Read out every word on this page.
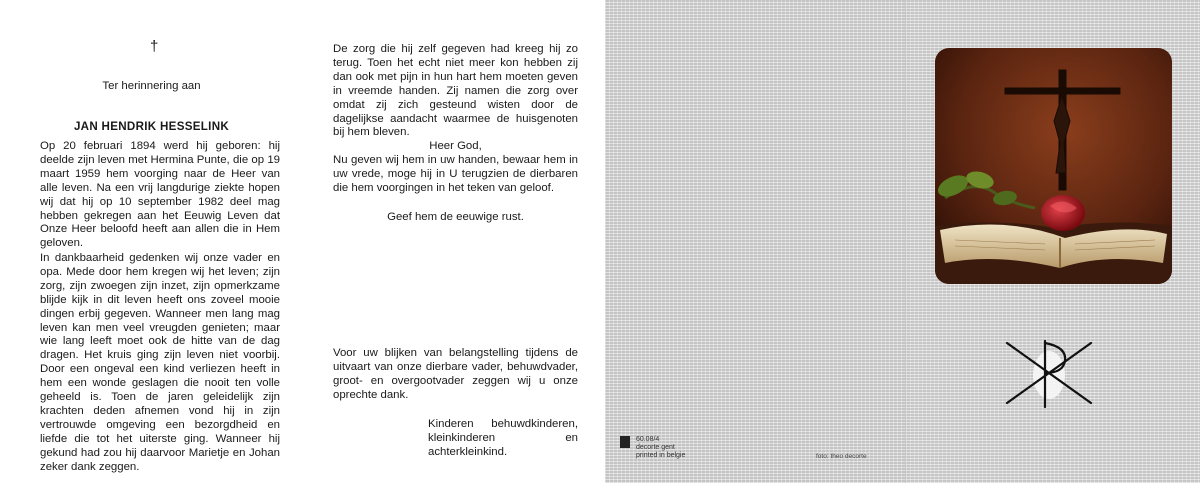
†
Ter herinnering aan
JAN HENDRIK HESSELINK
Op 20 februari 1894 werd hij geboren: hij deelde zijn leven met Hermina Punte, die op 19 maart 1959 hem voorging naar de Heer van alle leven. Na een vrij langdurige ziekte hopen wij dat hij op 10 september 1982 deel mag hebben gekregen aan het Eeuwig Leven dat Onze Heer beloofd heeft aan allen die in Hem geloven.
In dankbaarheid gedenken wij onze vader en opa. Mede door hem kregen wij het leven; zijn zorg, zijn zwoegen zijn inzet, zijn opmerkzame blijde kijk in dit leven heeft ons zoveel mooie dingen erbij gegeven. Wanneer men lang mag leven kan men veel vreugden genieten; maar wie lang leeft moet ook de hitte van de dag dragen. Het kruis ging zijn leven niet voorbij. Door een ongeval een kind verliezen heeft in hem een wonde geslagen die nooit ten volle geheeld is. Toen de jaren geleidelijk zijn krachten deden afnemen vond hij in zijn vertrouwde omgeving een bezorgdheid en liefde die tot het uiterste ging. Wanneer hij gekund had zou hij daarvoor Marietje en Johan zeker dank zeggen.
De zorg die hij zelf gegeven had kreeg hij zo terug. Toen het echt niet meer kon hebben zij dan ook met pijn in hun hart hem moeten geven in vreemde handen. Zij namen die zorg over omdat zij zich gesteund wisten door de dagelijkse aandacht waarmee de huisgenoten bij hem bleven.
Heer God,
Nu geven wij hem in uw handen, bewaar hem in uw vrede, moge hij in U terugzien de dierbaren die hem voorgingen in het teken van geloof.
Geef hem de eeuwige rust.
Voor uw blijken van belangstelling tijdens de uitvaart van onze dierbare vader, behuwdvader, groot- en overgootvader zeggen wij u onze oprechte dank.
Kinderen behuwdkinderen, kleinkinderen en achterkleinkind.

60.08/4
decorte gent
printed in belgie	foto: theo decorte
